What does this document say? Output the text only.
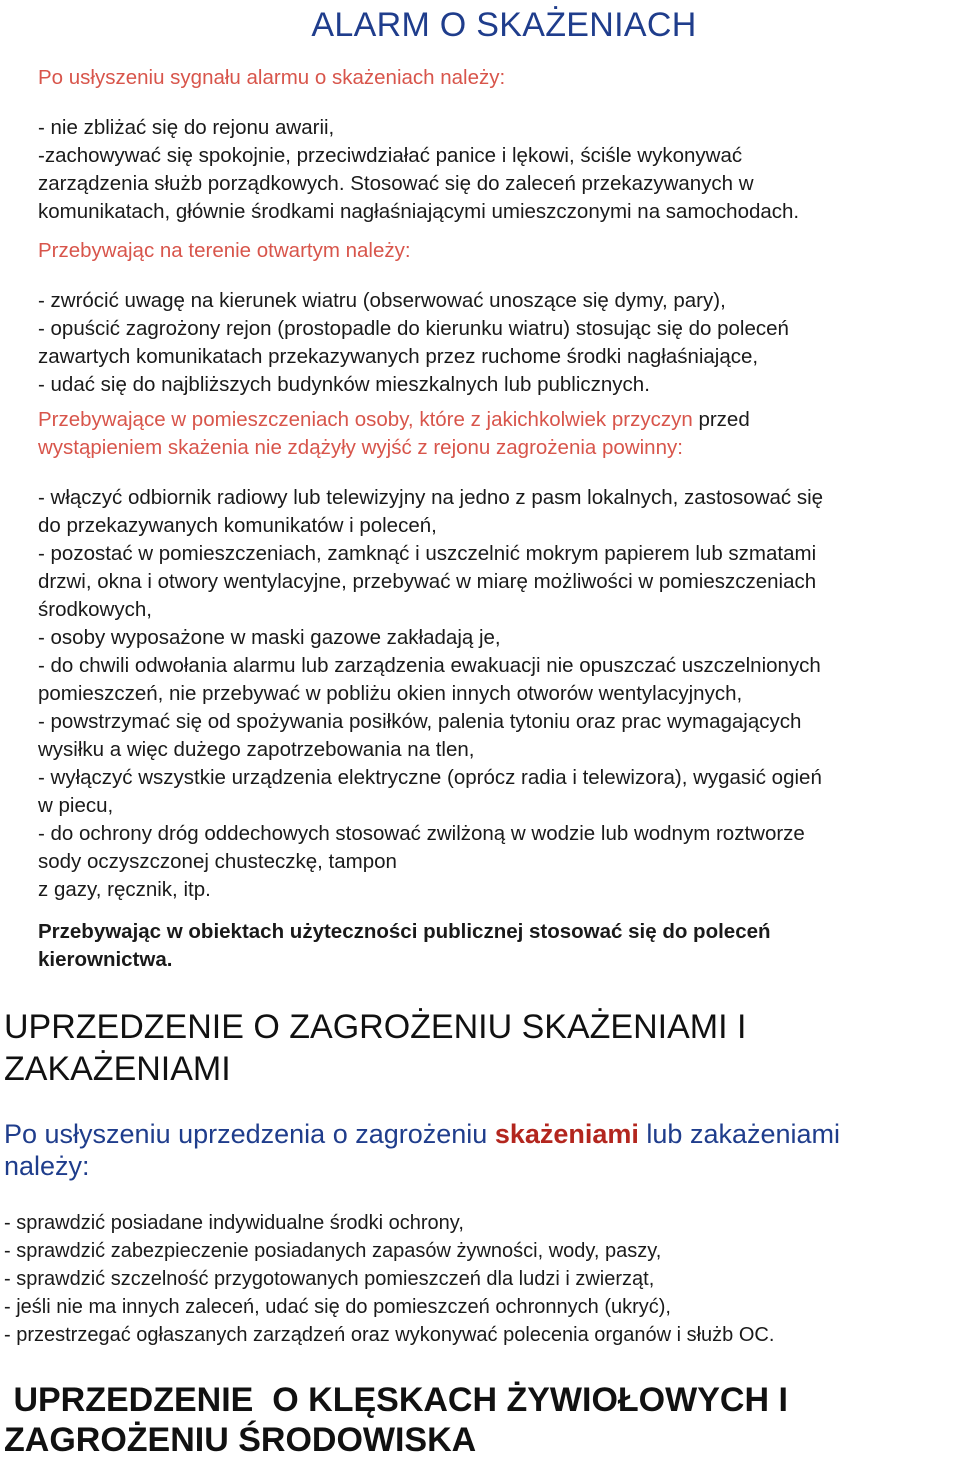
ALARM O SKAŻENIACH
Po usłyszeniu sygnału alarmu o skażeniach należy:
- nie zbliżać się do rejonu awarii,
-zachowywać się spokojnie, przeciwdziałać panice i lękowi, ściśle wykonywać
zarządzenia służb porządkowych. Stosować się do zaleceń przekazywanych w
komunikatach, głównie środkami nagłaśniającymi umieszczonymi na samochodach.
Przebywając na terenie otwartym należy:
- zwrócić uwagę na kierunek wiatru (obserwować unoszące się dymy, pary),
- opuścić zagrożony rejon (prostopadle do kierunku wiatru) stosując się do poleceń
zawartych komunikatach przekazywanych przez ruchome środki nagłaśniające,
- udać się do najbliższych budynków mieszkalnych lub publicznych.
Przebywające w pomieszczeniach osoby, które z jakichkolwiek przyczyn przed
wystąpieniem skażenia nie zdążyły wyjść z rejonu zagrożenia powinny:
- włączyć odbiornik radiowy lub telewizyjny na jedno z pasm lokalnych, zastosować się
do przekazywanych komunikatów i poleceń,
- pozostać w pomieszczeniach, zamknąć i uszczelnić mokrym papierem lub szmatami
drzwi, okna i otwory wentylacyjne, przebywać w miarę możliwości w pomieszczeniach
środkowych,
- osoby wyposażone w maski gazowe zakładają je,
- do chwili odwołania alarmu lub zarządzenia ewakuacji nie opuszczać uszczelnionych
pomieszczeń, nie przebywać w pobliżu okien innych otworów wentylacyjnych,
- powstrzymać się od spożywania posiłków, palenia tytoniu oraz prac wymagających
wysiłku a więc dużego zapotrzebowania na tlen,
- wyłączyć wszystkie urządzenia elektryczne (oprócz radia i telewizora), wygasić ogień
w piecu,
- do ochrony dróg oddechowych stosować zwilżoną w wodzie lub wodnym roztworze
sody oczyszczonej chusteczkę, tampon
z gazy, ręcznik, itp.
Przebywając w obiektach użyteczności publicznej stosować się do poleceń
kierownictwa.
UPRZEDZENIE O ZAGROŻENIU SKAŻENIAMI I
ZAKAŻENIAMI
Po usłyszeniu uprzedzenia o zagrożeniu skażeniami lub zakażeniami
należy:
- sprawdzić posiadane indywidualne środki ochrony,
- sprawdzić zabezpieczenie posiadanych zapasów żywności, wody, paszy,
- sprawdzić szczelność przygotowanych pomieszczeń dla ludzi i zwierząt,
- jeśli nie ma innych zaleceń, udać się do pomieszczeń ochronnych (ukryć),
- przestrzegać ogłaszanych zarządzeń oraz wykonywać polecenia organów i służb OC.
UPRZEDZENIE  O KLĘSKACH ŻYWIOŁOWYCH I
ZAGROŻENIU ŚRODOWISKA
